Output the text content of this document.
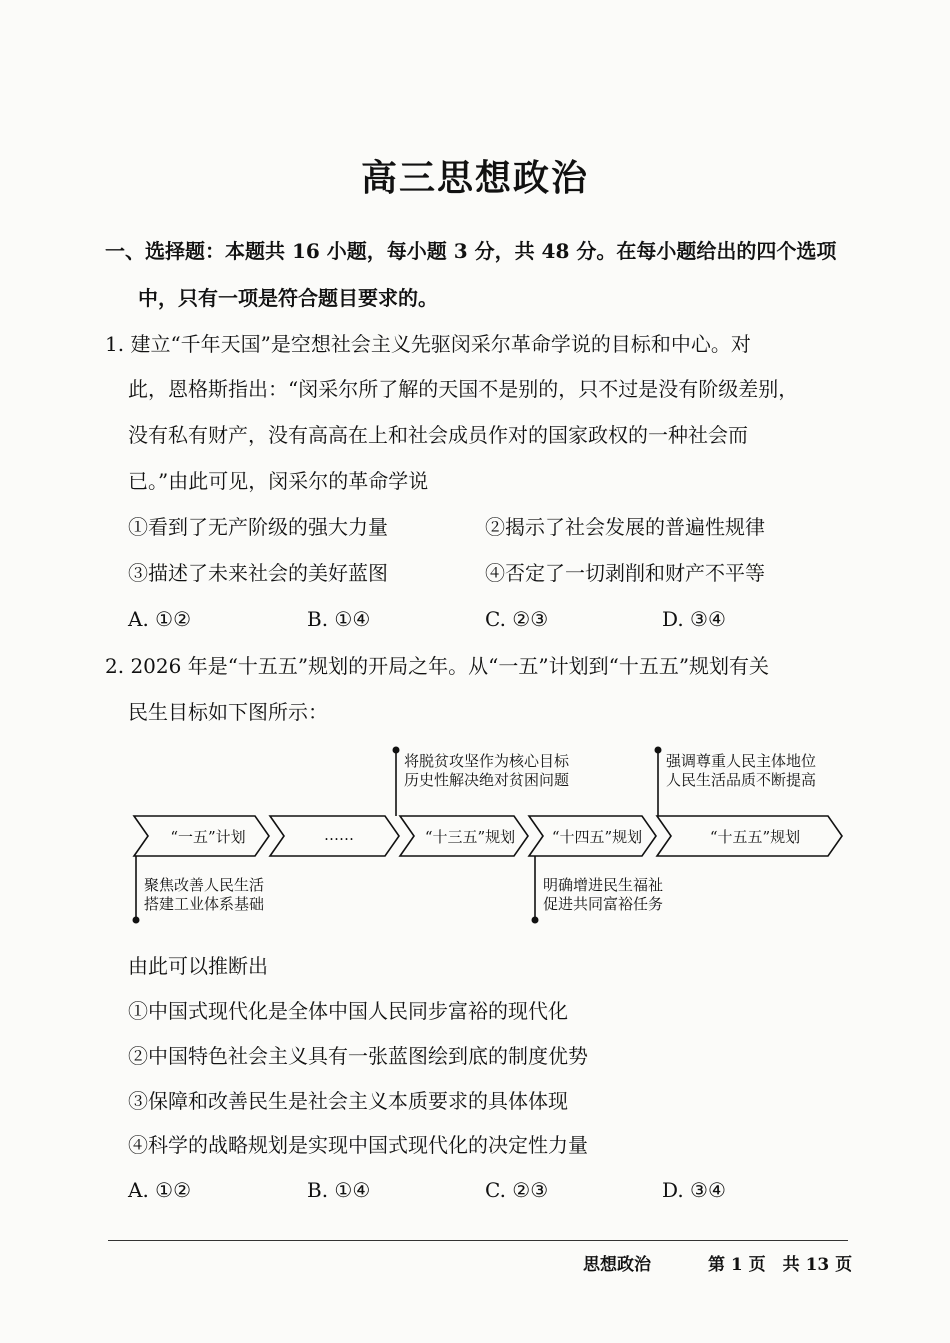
高三思想政治
一、选择题：本题共 16 小题，每小题 3 分，共 48 分。在每小题给出的四个选项
中，只有一项是符合题目要求的。
1. 建立“千年天国”是空想社会主义先驱闵采尔革命学说的目标和中心。对
此，恩格斯指出：“闵采尔所了解的天国不是别的，只不过是没有阶级差别，
没有私有财产，没有高高在上和社会成员作对的国家政权的一种社会而
已。”由此可见，闵采尔的革命学说
①看到了无产阶级的强大力量	②揭示了社会发展的普遍性规律
③描述了未来社会的美好蓝图	④否定了一切剥削和财产不平等
A. ①②	B. ①④	C. ②③	D. ③④
2. 2026 年是“十五五”规划的开局之年。从“一五”计划到“十五五”规划有关
民生目标如下图所示：
“一五”计划	……	“十三五”规划	“十四五”规划	“十五五”规划
聚焦改善人民生活
搭建工业体系基础
将脱贫攻坚作为核心目标
历史性解决绝对贫困问题
明确增进民生福祉
促进共同富裕任务
强调尊重人民主体地位
人民生活品质不断提高
由此可以推断出
①中国式现代化是全体中国人民同步富裕的现代化
②中国特色社会主义具有一张蓝图绘到底的制度优势
③保障和改善民生是社会主义本质要求的具体体现
④科学的战略规划是实现中国式现代化的决定性力量
A. ①②	B. ①④	C. ②③	D. ③④
思想政治	第 1 页　共 13 页
